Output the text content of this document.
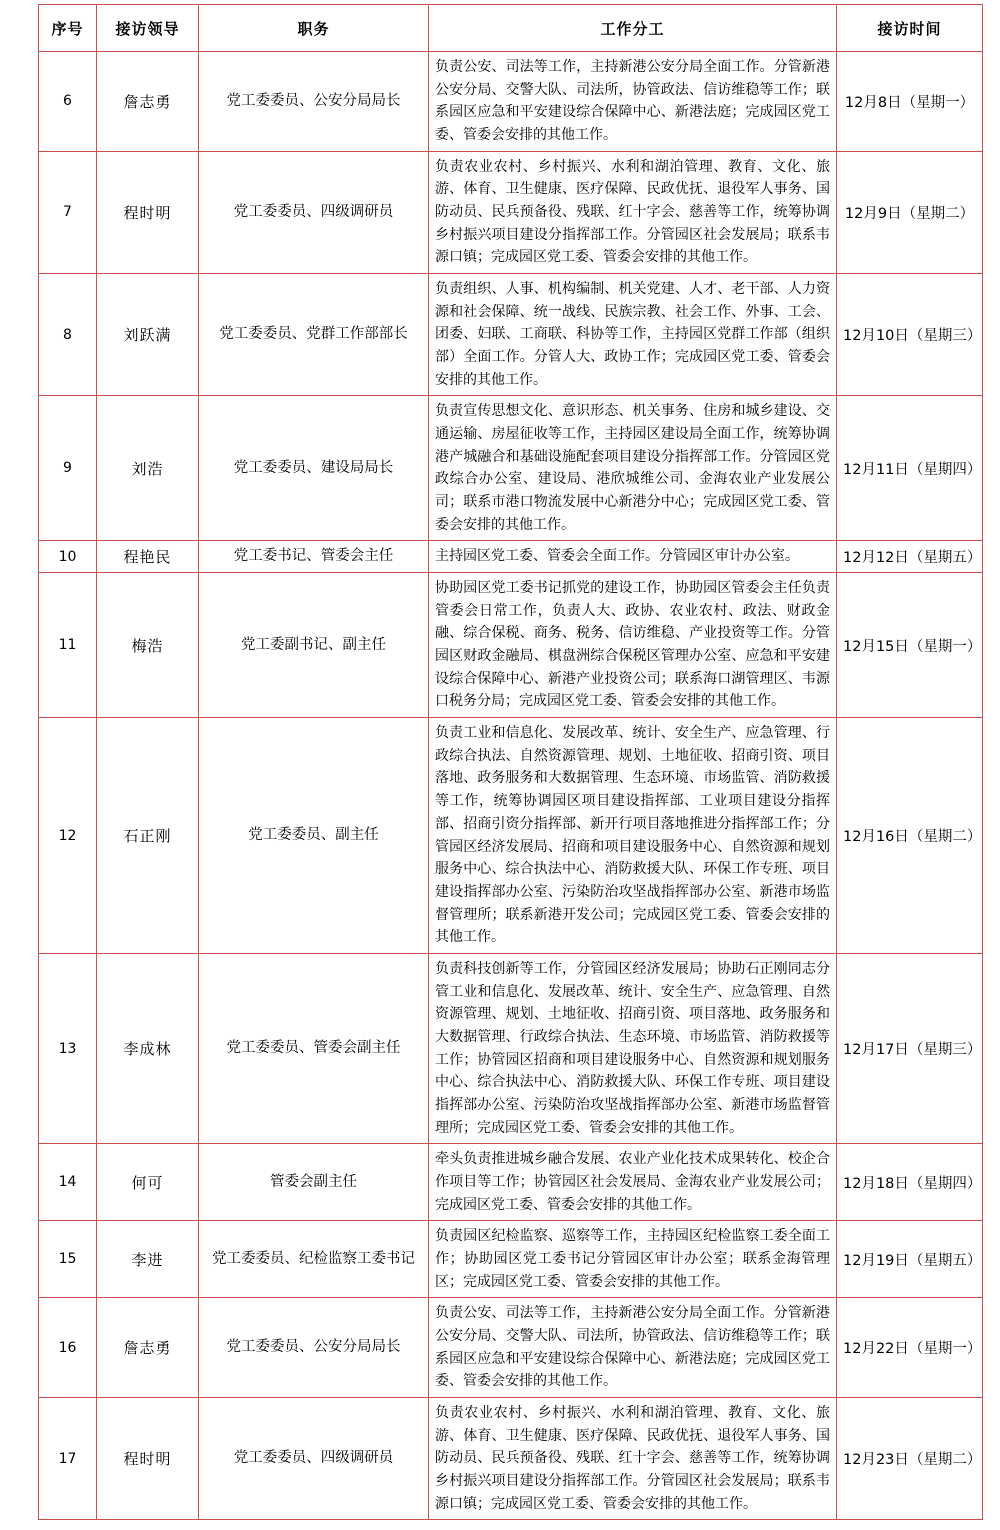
序号	接访领导	职务	工作分工	接访时间
6	詹志勇	党工委委员、公安分局局长	负责公安、司法等工作，主持新港公安分局全面工作。分管新港公安分局、交警大队、司法所，协管政法、信访维稳等工作；联系园区应急和平安建设综合保障中心、新港法庭；完成园区党工委、管委会安排的其他工作。	12月8日（星期一）
7	程时明	党工委委员、四级调研员	负责农业农村、乡村振兴、水利和湖泊管理、教育、文化、旅游、体育、卫生健康、医疗保障、民政优抚、退役军人事务、国防动员、民兵预备役、残联、红十字会、慈善等工作，统筹协调乡村振兴项目建设分指挥部工作。分管园区社会发展局；联系韦源口镇；完成园区党工委、管委会安排的其他工作。	12月9日（星期二）
8	刘跃满	党工委委员、党群工作部部长	负责组织、人事、机构编制、机关党建、人才、老干部、人力资源和社会保障、统一战线、民族宗教、社会工作、外事、工会、团委、妇联、工商联、科协等工作，主持园区党群工作部（组织部）全面工作。分管人大、政协工作；完成园区党工委、管委会安排的其他工作。	12月10日（星期三）
9	刘浩	党工委委员、建设局局长	负责宣传思想文化、意识形态、机关事务、住房和城乡建设、交通运输、房屋征收等工作，主持园区建设局全面工作，统筹协调港产城融合和基础设施配套项目建设分指挥部工作。分管园区党政综合办公室、建设局、港欣城维公司、金海农业产业发展公司；联系市港口物流发展中心新港分中心；完成园区党工委、管委会安排的其他工作。	12月11日（星期四）
10	程艳民	党工委书记、管委会主任	主持园区党工委、管委会全面工作。分管园区审计办公室。	12月12日（星期五）
11	梅浩	党工委副书记、副主任	协助园区党工委书记抓党的建设工作，协助园区管委会主任负责管委会日常工作，负责人大、政协、农业农村、政法、财政金融、综合保税、商务、税务、信访维稳、产业投资等工作。分管园区财政金融局、棋盘洲综合保税区管理办公室、应急和平安建设综合保障中心、新港产业投资公司；联系海口湖管理区、韦源口税务分局；完成园区党工委、管委会安排的其他工作。	12月15日（星期一）
12	石正刚	党工委委员、副主任	负责工业和信息化、发展改革、统计、安全生产、应急管理、行政综合执法、自然资源管理、规划、土地征收、招商引资、项目落地、政务服务和大数据管理、生态环境、市场监管、消防救援等工作，统筹协调园区项目建设指挥部、工业项目建设分指挥部、招商引资分指挥部、新开行项目落地推进分指挥部工作；分管园区经济发展局、招商和项目建设服务中心、自然资源和规划服务中心、综合执法中心、消防救援大队、环保工作专班、项目建设指挥部办公室、污染防治攻坚战指挥部办公室、新港市场监督管理所；联系新港开发公司；完成园区党工委、管委会安排的其他工作。	12月16日（星期二）
13	李成林	党工委委员、管委会副主任	负责科技创新等工作，分管园区经济发展局；协助石正刚同志分管工业和信息化、发展改革、统计、安全生产、应急管理、自然资源管理、规划、土地征收、招商引资、项目落地、政务服务和大数据管理、行政综合执法、生态环境、市场监管、消防救援等工作；协管园区招商和项目建设服务中心、自然资源和规划服务中心、综合执法中心、消防救援大队、环保工作专班、项目建设指挥部办公室、污染防治攻坚战指挥部办公室、新港市场监督管理所；完成园区党工委、管委会安排的其他工作。	12月17日（星期三）
14	何可	管委会副主任	牵头负责推进城乡融合发展、农业产业化技术成果转化、校企合作项目等工作；协管园区社会发展局、金海农业产业发展公司；完成园区党工委、管委会安排的其他工作。	12月18日（星期四）
15	李进	党工委委员、纪检监察工委书记	负责园区纪检监察、巡察等工作，主持园区纪检监察工委全面工作；协助园区党工委书记分管园区审计办公室；联系金海管理区；完成园区党工委、管委会安排的其他工作。	12月19日（星期五）
16	詹志勇	党工委委员、公安分局局长	负责公安、司法等工作，主持新港公安分局全面工作。分管新港公安分局、交警大队、司法所，协管政法、信访维稳等工作；联系园区应急和平安建设综合保障中心、新港法庭；完成园区党工委、管委会安排的其他工作。	12月22日（星期一）
17	程时明	党工委委员、四级调研员	负责农业农村、乡村振兴、水利和湖泊管理、教育、文化、旅游、体育、卫生健康、医疗保障、民政优抚、退役军人事务、国防动员、民兵预备役、残联、红十字会、慈善等工作，统筹协调乡村振兴项目建设分指挥部工作。分管园区社会发展局；联系韦源口镇；完成园区党工委、管委会安排的其他工作。	12月23日（星期二）
